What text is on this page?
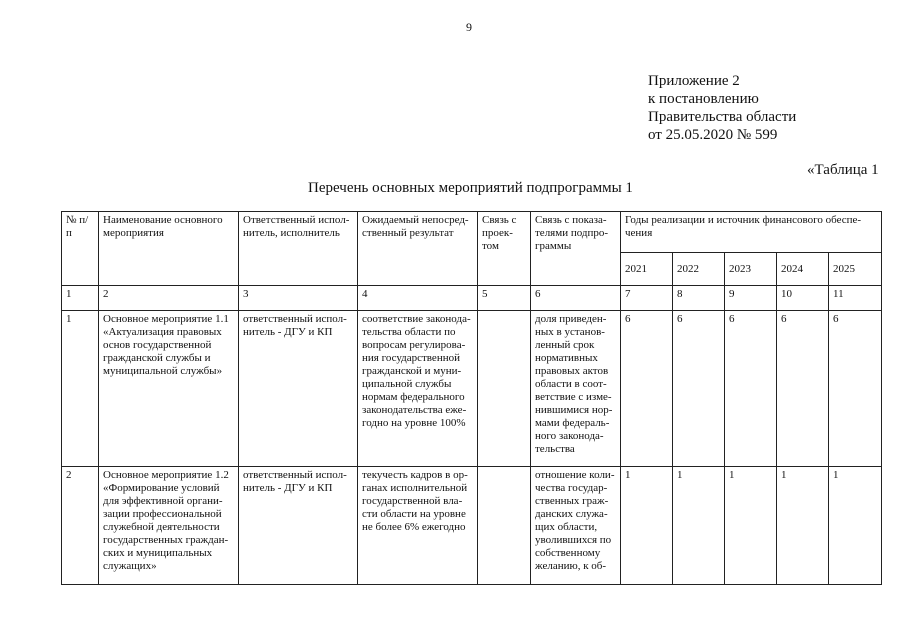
9
Приложение 2
к постановлению
Правительства области
от 25.05.2020 № 599
«Таблица 1
Перечень основных мероприятий подпрограммы 1
№ п/п	Наименование основного мероприятия	Ответственный испол-нитель, исполнитель	Ожидаемый непосред-ственный результат	Связь с проек-том	Связь с показа-телями подпро-граммы	Годы реализации и источник финансового обеспе-чения				
						2021	2022	2023	2024	2025
1	2	3	4	5	6	7	8	9	10	11
1	Основное мероприятие 1.1 «Актуализация правовых основ государственной гражданской службы и муниципальной службы»	ответственный испол-нитель - ДГУ и КП	соответствие законода-тельства области по вопросам регулирова-ния государственной гражданской и муни-ципальной службы нормам федерального законодательства еже-годно на уровне 100%		доля приведен-ных в установ-ленный срок нормативных правовых актов области в соот-ветствие с изме-нившимися нор-мами федераль-ного законода-тельства	6	6	6	6	6
2	Основное мероприятие 1.2 «Формирование условий для эффективной органи-зации профессиональной служебной деятельности государственных граждан-ских и муниципальных служащих»	ответственный испол-нитель - ДГУ и КП	текучесть кадров в ор-ганах исполнительной государственной вла-сти области на уровне не более 6% ежегодно		отношение коли-чества государ-ственных граж-данских служа-щих области, уволившихся по собственному желанию, к об-	1	1	1	1	1
